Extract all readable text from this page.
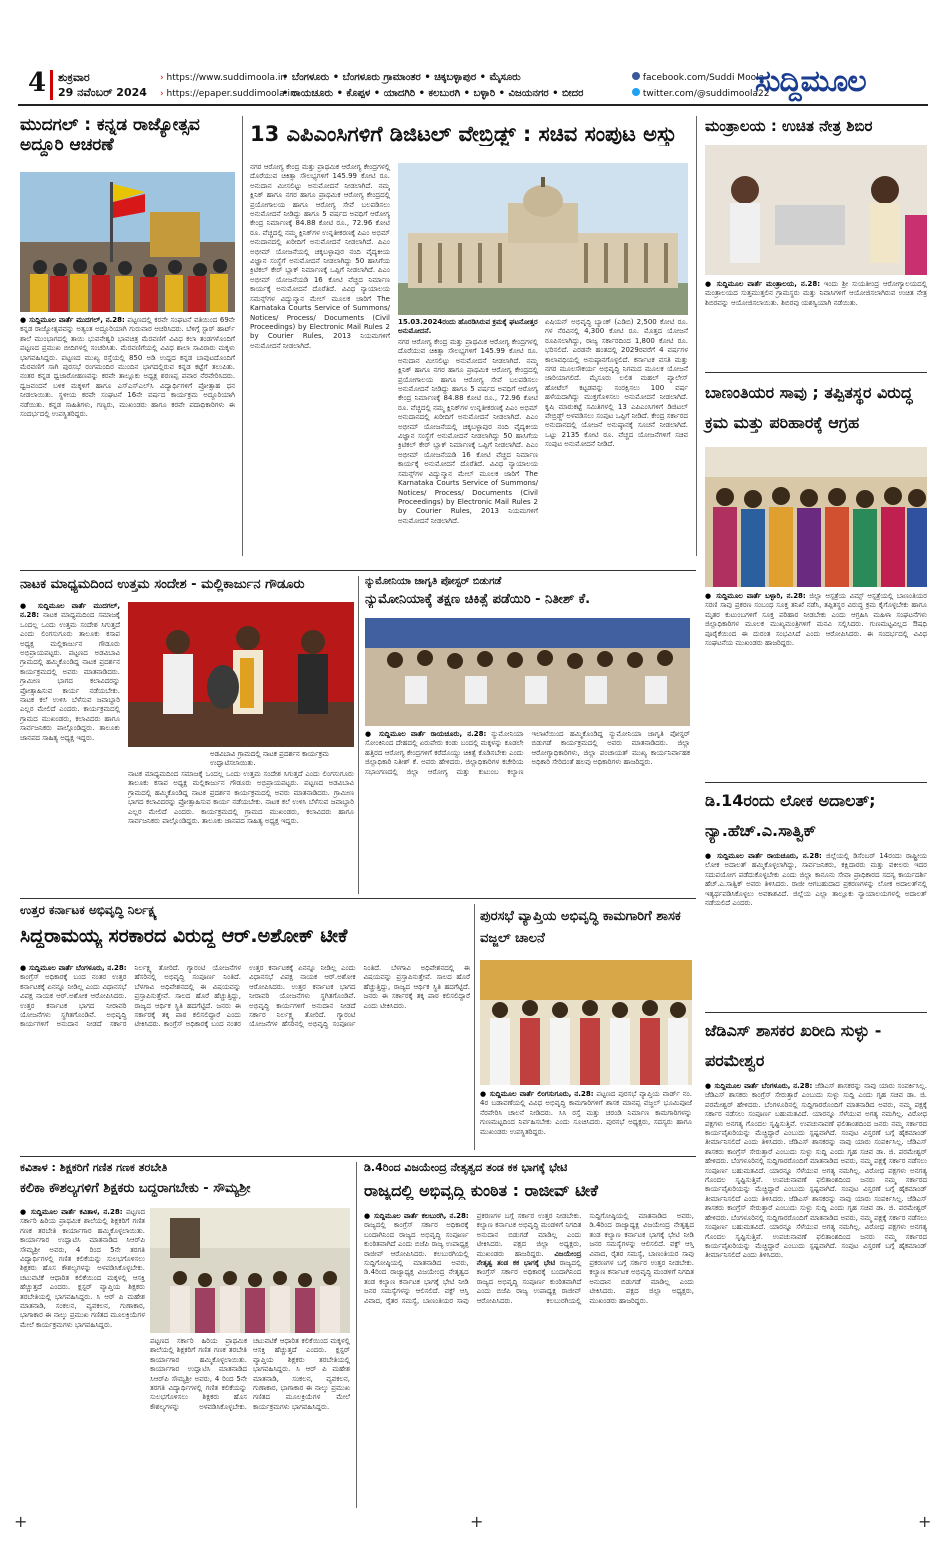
4 ಶುಕ್ರವಾರ
29 ನವೆಂಬರ್ 2024
› https://www.suddimoola.in
› https://epaper.suddimoola.in
• ಬೆಂಗಳೂರು • ಬೆಂಗಳೂರು ಗ್ರಾಮಾಂತರ • ಚಿಕ್ಕಬಳ್ಳಾಪುರ • ಮೈಸೂರು
• ರಾಯಚೂರು • ಕೊಪ್ಪಳ • ಯಾದಗಿರಿ • ಕಲಬುರಗಿ • ಬಳ್ಳಾರಿ • ವಿಜಯನಗರ • ಬೀದರ
facebook.com/Suddi Moola
twitter.com/@suddimoola22
ಸುದ್ದಿಮೂಲ
ಮುದಗಲ್ : ಕನ್ನಡ ರಾಜ್ಯೋತ್ಸವ ಅದ್ದೂರಿ ಆಚರಣೆ
● ಸುದ್ದಿಮೂಲ ವಾರ್ತೆ ಮುದಗಲ್, ನ.28: ಪಟ್ಟಣದಲ್ಲಿ ಕರವೇ ಸಂಘಟನೆ ವತಿಯಿಂದ 69ನೇ ಕನ್ನಡ ರಾಜ್ಯೋತ್ಸವವನ್ನು ಅತ್ಯಂತ ಅದ್ದೂರಿಯಾಗಿ ಗುರುವಾರ ಆಚರಿಸಿದರು. ಬೆಳಿಗ್ಗೆ ಸ್ಟಾರ್ ಹಾರ್ಟ್ ಶಾಲೆ ಮುಂಭಾಗದಲ್ಲಿ ತಾಯಿ ಭುವನೇಶ್ವರಿ ಭಾವಚಿತ್ರ ಮೆರವಣಿಗೆ ವಿವಿಧ ಕಲಾ ತಂಡಗಳೊಂದಿಗೆ ಪಟ್ಟಣದ ಪ್ರಮುಖ ಬೀದಿಗಳಲ್ಲಿ ಸಂಚರಿಸಿತು. ಮೆರವಣಿಗೆಯಲ್ಲಿ ವಿವಿಧ ಶಾಲಾ ಸಾವಿರಾರು ಮಕ್ಕಳು ಭಾಗವಹಿಸಿದ್ದರು. ಪಟ್ಟಣದ ಮುಖ್ಯ ರಸ್ತೆಯಲ್ಲಿ 850 ಅಡಿ ಉದ್ದದ ಕನ್ನಡ ಬಾವುಟದೊಂದಿಗೆ ಮೆರವಣಿಗೆ ಸಾಗಿ ಪುರಸಭೆ ರಂಗಮಂದಿರ ಮುಂದಿನ ಭಾಗದಲ್ಲಿರುವ ಕನ್ನಡ ಕಟ್ಟೆಗೆ ತಲುಪಿತು. ನಂತರ ಕನ್ನಡ ಧ್ವಜಾರೋಹಣವನ್ನು ಕರವೇ ತಾಲ್ಲೂಕು ಅಧ್ಯಕ್ಷ ಶರಣಪ್ಪ ಪವಾರ ನೆರವೇರಿಸಿದರು. ಧ್ವಜವಂದನೆ ಬಳಿಕ ಮಕ್ಕಳಿಗೆ ಹಾಗೂ ಎಸ್‌ಎಸ್‌ಎಲ್‌ಸಿ ವಿದ್ಯಾರ್ಥಿಗಳಿಗೆ ಪ್ರೋತ್ಸಾಹ ಧನ ನೀಡಲಾಯಿತು. ಸ್ಥಳೀಯ ಕರವೇ ಸಂಘಟನೆ 16ನೇ ವರ್ಷದ ಕಾರ್ಯಕ್ರಮ ಅದ್ದೂರಿಯಾಗಿ ನಡೆಯಿತು. ಕನ್ನಡ ಸಾಹಿತಿಗಳು, ಗಣ್ಯರು, ಮುಖಂಡರು ಹಾಗೂ ಕರವೇ ಪದಾಧಿಕಾರಿಗಳು ಈ ಸಂದರ್ಭದಲ್ಲಿ ಉಪಸ್ಥಿತರಿದ್ದರು.
13 ಎಪಿಎಂಸಿಗಳಿಗೆ ಡಿಜಿಟಲ್ ವೇಬ್ರಿಡ್ಜ್ : ಸಚಿವ ಸಂಪುಟ ಅಸ್ತು
ನಗರ ಆರೋಗ್ಯ ಕೇಂದ್ರ ಮತ್ತು ಪ್ರಾಥಮಿಕ ಆರೋಗ್ಯ ಕೇಂದ್ರಗಳಲ್ಲಿ ದೊರೆಯುವ ಚಿಕಿತ್ಸಾ ಸೌಲಭ್ಯಗಳಿಗೆ 145.99 ಕೋಟಿ ರೂ. ಅನುದಾನ ಮೀಸಲಿಟ್ಟು ಅನುಮೋದನೆ ನೀಡಲಾಗಿದೆ. ನಮ್ಮ ಕ್ಲಿನಿಕ್ ಹಾಗೂ ನಗರ ಹಾಗೂ ಪ್ರಾಥಮಿಕ ಆರೋಗ್ಯ ಕೇಂದ್ರದಲ್ಲಿ ಪ್ರಯೋಗಾಲಯ ಹಾಗೂ ಆರೋಗ್ಯ ಸೇವೆ ಬಲಪಡಿಸಲು ಅನುಮೋದನೆ ನೀಡಿದ್ದು ಹಾಗೂ 5 ವರ್ಷದ ಅವಧಿಗೆ ಆರೋಗ್ಯ ಕೇಂದ್ರ ನಿರ್ಮಾಣಕ್ಕೆ 84.88 ಕೋಟಿ ರೂ., 72.96 ಕೋಟಿ ರೂ. ವೆಚ್ಚದಲ್ಲಿ ನಮ್ಮ ಕ್ಲಿನಿಕ್‌ಗಳ ಉನ್ನತೀಕರಣಕ್ಕೆ ಪಿಎಂ ಅಭಿಮ್ ಅನುದಾನದಲ್ಲಿ ಖರೀದಿಗೆ ಅನುಮೋದನೆ ನೀಡಲಾಗಿದೆ. ಪಿಎಂ ಅಭೀಮ್ ಯೋಜನೆಯಲ್ಲಿ ಚಿಕ್ಕಬಳ್ಳಾಪುರ ನಂದಿ ವೈದ್ಯಕೀಯ ವಿಜ್ಞಾನ ಸಂಸ್ಥೆಗೆ ಅನುಮೋದನೆ ನೀಡಲಾಗಿದ್ದು 50 ಹಾಸಿಗೆಯ ಕ್ರಿಟಿಕಲ್ ಕೇರ್ ಬ್ಲಾಕ್ ನಿರ್ಮಾಣಕ್ಕೆ ಒಪ್ಪಿಗೆ ನೀಡಲಾಗಿದೆ. ಪಿಎಂ ಅಭೀಮ್ ಯೋಜನೆಯಡಿ 16 ಕೋಟಿ ವೆಚ್ಚದ ನಿರ್ಮಾಣ ಕಾರ್ಯಕ್ಕೆ ಅನುಮೋದನೆ ದೊರೆತಿದೆ. ವಿವಿಧ ನ್ಯಾಯಾಲಯ ಸಮನ್ಸ್‌ಗಳ ವಿದ್ಯುನ್ಮಾನ ಮೇಲ್ ಮೂಲಕ ಜಾರಿಗೆ The Karnataka Courts Service of Summons/ Notices/ Process/ Documents (Civil Proceedings) by Electronic Mail Rules 2 by Courier Rules, 2013 ನಿಯಮಗಳಿಗೆ ಅನುಮೋದನೆ ನೀಡಲಾಗಿದೆ.
15.03.2024ರಂದು ಹೊರಡಿಸಿರುವ ಕ್ರಮಕ್ಕೆ ಘಟನೋತ್ತರ ಅನುಮೋದನೆ.
ನಗರ ಆರೋಗ್ಯ ಕೇಂದ್ರ ಮತ್ತು ಪ್ರಾಥಮಿಕ ಆರೋಗ್ಯ ಕೇಂದ್ರಗಳಲ್ಲಿ ದೊರೆಯುವ ಚಿಕಿತ್ಸಾ ಸೌಲಭ್ಯಗಳಿಗೆ 145.99 ಕೋಟಿ ರೂ. ಅನುದಾನ ಮೀಸಲಿಟ್ಟು ಅನುಮೋದನೆ ನೀಡಲಾಗಿದೆ. ನಮ್ಮ ಕ್ಲಿನಿಕ್ ಹಾಗೂ ನಗರ ಹಾಗೂ ಪ್ರಾಥಮಿಕ ಆರೋಗ್ಯ ಕೇಂದ್ರದಲ್ಲಿ ಪ್ರಯೋಗಾಲಯ ಹಾಗೂ ಆರೋಗ್ಯ ಸೇವೆ ಬಲಪಡಿಸಲು ಅನುಮೋದನೆ ನೀಡಿದ್ದು ಹಾಗೂ 5 ವರ್ಷದ ಅವಧಿಗೆ ಆರೋಗ್ಯ ಕೇಂದ್ರ ನಿರ್ಮಾಣಕ್ಕೆ 84.88 ಕೋಟಿ ರೂ., 72.96 ಕೋಟಿ ರೂ. ವೆಚ್ಚದಲ್ಲಿ ನಮ್ಮ ಕ್ಲಿನಿಕ್‌ಗಳ ಉನ್ನತೀಕರಣಕ್ಕೆ ಪಿಎಂ ಅಭಿಮ್ ಅನುದಾನದಲ್ಲಿ ಖರೀದಿಗೆ ಅನುಮೋದನೆ ನೀಡಲಾಗಿದೆ. ಪಿಎಂ ಅಭೀಮ್ ಯೋಜನೆಯಲ್ಲಿ ಚಿಕ್ಕಬಳ್ಳಾಪುರ ನಂದಿ ವೈದ್ಯಕೀಯ ವಿಜ್ಞಾನ ಸಂಸ್ಥೆಗೆ ಅನುಮೋದನೆ ನೀಡಲಾಗಿದ್ದು 50 ಹಾಸಿಗೆಯ ಕ್ರಿಟಿಕಲ್ ಕೇರ್ ಬ್ಲಾಕ್ ನಿರ್ಮಾಣಕ್ಕೆ ಒಪ್ಪಿಗೆ ನೀಡಲಾಗಿದೆ. ಪಿಎಂ ಅಭೀಮ್ ಯೋಜನೆಯಡಿ 16 ಕೋಟಿ ವೆಚ್ಚದ ನಿರ್ಮಾಣ ಕಾರ್ಯಕ್ಕೆ ಅನುಮೋದನೆ ದೊರೆತಿದೆ. ವಿವಿಧ ನ್ಯಾಯಾಲಯ ಸಮನ್ಸ್‌ಗಳ ವಿದ್ಯುನ್ಮಾನ ಮೇಲ್ ಮೂಲಕ ಜಾರಿಗೆ The Karnataka Courts Service of Summons/ Notices/ Process/ Documents (Civil Proceedings) by Electronic Mail Rules 2 by Courier Rules, 2013 ನಿಯಮಗಳಿಗೆ ಅನುಮೋದನೆ ನೀಡಲಾಗಿದೆ.
ಏಷಿಯನ್ ಅಭಿವೃದ್ಧಿ ಬ್ಯಾಂಕ್ (ಎಡಿಬಿ) 2,500 ಕೋಟಿ ರೂ. ಗಳ ನೆರವಿನಲ್ಲಿ 4,300 ಕೋಟಿ ರೂ. ಮೊತ್ತದ ಯೋಜನೆ ರೂಪಿಸಲಾಗಿದ್ದು, ರಾಜ್ಯ ಸರ್ಕಾರದಿಂದ 1,800 ಕೋಟಿ ರೂ. ಭರಿಸಲಿದೆ. ಎರಡನೇ ಹಂತದಲ್ಲಿ 2029ರವರೆಗೆ 4 ವರ್ಷಗಳ ಕಾಲಾವಧಿಯಲ್ಲಿ ಅನುಷ್ಠಾನಗೊಳ್ಳಲಿದೆ. ಕರ್ನಾಟಕ ವಸತಿ ಮತ್ತು ನಗರ ಮೂಲಸೌಕರ್ಯ ಅಭಿವೃದ್ಧಿ ನಿಗಮದ ಮೂಲಕ ಯೋಜನೆ ಜಾರಿಯಾಗಲಿದೆ. ಮೈಸೂರು ಲಲಿತ ಮಹಲ್ ಪ್ಯಾಲೇಸ್ ಹೋಟೆಲ್ ಕಟ್ಟಡವನ್ನು ಸಂರಕ್ಷಿಸಲು 100 ವರ್ಷ ಹಳೆಯದಾಗಿದ್ದು ಮುಕ್ತಗೊಳಿಸಲು ಅನುಮೋದನೆ ನೀಡಲಾಗಿದೆ. ಕೃಷಿ ಮಾರುಕಟ್ಟೆ ಸಮಿತಿಗಳಲ್ಲಿ 13 ಎಪಿಎಂಸಿಗಳಿಗೆ ಡಿಜಿಟಲ್ ವೇಬ್ರಿಡ್ಜ್ ಅಳವಡಿಸಲು ಸಂಪುಟ ಒಪ್ಪಿಗೆ ನೀಡಿದೆ. ಕೇಂದ್ರ ಸರ್ಕಾರದ ಅನುದಾನದಲ್ಲಿ ಯೋಜನೆ ಅನುಷ್ಠಾನಕ್ಕೆ ಸೂಚನೆ ನೀಡಲಾಗಿದೆ. ಒಟ್ಟು 2135 ಕೋಟಿ ರೂ. ವೆಚ್ಚದ ಯೋಜನೆಗಳಿಗೆ ಸಚಿವ ಸಂಪುಟ ಅನುಮೋದನೆ ನೀಡಿದೆ.
ಮಂತ್ರಾಲಯ : ಉಚಿತ ನೇತ್ರ ಶಿಬಿರ
● ಸುದ್ದಿಮೂಲ ವಾರ್ತೆ ಮಂತ್ರಾಲಯ, ನ.28: ಇಂದು ಶ್ರೀ ಸುಯತೀಂದ್ರ ಆರೋಗ್ಯಾಲಯದಲ್ಲಿ ಮಂತ್ರಾಲಯದ ಸುತ್ತಮುತ್ತಲಿನ ಗ್ರಾಮಸ್ಥರು ಮತ್ತು ನಿವಾಸಿಗಳಿಗೆ ಆಯೋಜಿಸಲಾಗಿರುವ ಉಚಿತ ನೇತ್ರ ಶಿಬಿರವನ್ನು ಆಯೋಜಿಸಲಾಯಿತು. ಶಿಬಿರವು ಯಶಸ್ವಿಯಾಗಿ ನಡೆಯಿತು.
ಬಾಣಂತಿಯರ ಸಾವು ; ತಪ್ಪಿತಸ್ಥರ ವಿರುದ್ಧ ಕ್ರಮ ಮತ್ತು ಪರಿಹಾರಕ್ಕೆ ಆಗ್ರಹ
● ಸುದ್ದಿಮೂಲ ವಾರ್ತೆ ಬಳ್ಳಾರಿ, ನ.28: ಜಿಲ್ಲಾ ಆಸ್ಪತ್ರೆಯ ವಿಮ್ಸ್ ಆಸ್ಪತ್ರೆಯಲ್ಲಿ ಬಾಣಂತಿಯರ ಸರಣಿ ಸಾವು ಪ್ರಕರಣ ಸಂಬಂಧ ಸೂಕ್ತ ತನಿಖೆ ನಡೆಸಿ, ತಪ್ಪಿತಸ್ಥರ ವಿರುದ್ಧ ಕ್ರಮ ಕೈಗೊಳ್ಳಬೇಕು ಹಾಗೂ ಮೃತರ ಕುಟುಂಬಗಳಿಗೆ ಸೂಕ್ತ ಪರಿಹಾರ ನೀಡಬೇಕು ಎಂದು ಆಗ್ರಹಿಸಿ ಮಹಿಳಾ ಸಂಘಟನೆಗಳು ಜಿಲ್ಲಾಧಿಕಾರಿಗಳ ಮೂಲಕ ಮುಖ್ಯಮಂತ್ರಿಗಳಿಗೆ ಮನವಿ ಸಲ್ಲಿಸಿದರು. ಗುಣಮಟ್ಟವಿಲ್ಲದ ಔಷಧಿ ಪೂರೈಕೆಯಿಂದ ಈ ದುರಂತ ಸಂಭವಿಸಿದೆ ಎಂದು ಆರೋಪಿಸಿದರು. ಈ ಸಂದರ್ಭದಲ್ಲಿ ವಿವಿಧ ಸಂಘಟನೆಯ ಮುಖಂಡರು ಹಾಜರಿದ್ದರು.
ನಾಟಕ ಮಾಧ್ಯಮದಿಂದ ಉತ್ತಮ ಸಂದೇಶ - ಮಲ್ಲಿಕಾರ್ಜುನ ಗೌಡೂರು
● ಸುದ್ದಿಮೂಲ ವಾರ್ತೆ ಮುದಗಲ್, ನ.28: ನಾಟಕ ಮಾಧ್ಯಮದಿಂದ ಸಮಾಜಕ್ಕೆ ಒಂದಲ್ಲ ಒಂದು ಉತ್ತಮ ಸಂದೇಶ ಸಿಗುತ್ತದೆ ಎಂದು ಲಿಂಗಸುಗೂರು ತಾಲೂಕು ಕಸಾಪ ಅಧ್ಯಕ್ಷ ಮಲ್ಲಿಕಾರ್ಜುನ ಗೌಡೂರು ಅಭಿಪ್ರಾಯಪಟ್ಟರು. ಪಟ್ಟಣದ ಅಡವಿಬಾವಿ ಗ್ರಾಮದಲ್ಲಿ ಹಮ್ಮಿಕೊಂಡಿದ್ದ ನಾಟಕ ಪ್ರದರ್ಶನ ಕಾರ್ಯಕ್ರಮದಲ್ಲಿ ಅವರು ಮಾತನಾಡಿದರು. ಗ್ರಾಮೀಣ ಭಾಗದ ಕಲಾವಿದರನ್ನು ಪ್ರೋತ್ಸಾಹಿಸುವ ಕಾರ್ಯ ನಡೆಯಬೇಕು. ನಾಟಕ ಕಲೆ ಉಳಿಸಿ ಬೆಳೆಸುವ ಜವಾಬ್ದಾರಿ ಎಲ್ಲರ ಮೇಲಿದೆ ಎಂದರು. ಕಾರ್ಯಕ್ರಮದಲ್ಲಿ ಗ್ರಾಮದ ಮುಖಂಡರು, ಕಲಾವಿದರು ಹಾಗೂ ಸಾರ್ವಜನಿಕರು ಪಾಲ್ಗೊಂಡಿದ್ದರು. ತಾಲೂಕು ಜಾನಪದ ಸಾಹಿತ್ಯ ಅಧ್ಯಕ್ಷ ಇದ್ದರು.
ಅಡವಿಬಾವಿ ಗ್ರಾಮದಲ್ಲಿ ನಾಟಕ ಪ್ರದರ್ಶನ ಕಾರ್ಯಕ್ರಮ ಉದ್ಘಾಟಿಸಲಾಯಿತು.
ನಾಟಕ ಮಾಧ್ಯಮದಿಂದ ಸಮಾಜಕ್ಕೆ ಒಂದಲ್ಲ ಒಂದು ಉತ್ತಮ ಸಂದೇಶ ಸಿಗುತ್ತದೆ ಎಂದು ಲಿಂಗಸುಗೂರು ತಾಲೂಕು ಕಸಾಪ ಅಧ್ಯಕ್ಷ ಮಲ್ಲಿಕಾರ್ಜುನ ಗೌಡೂರು ಅಭಿಪ್ರಾಯಪಟ್ಟರು. ಪಟ್ಟಣದ ಅಡವಿಬಾವಿ ಗ್ರಾಮದಲ್ಲಿ ಹಮ್ಮಿಕೊಂಡಿದ್ದ ನಾಟಕ ಪ್ರದರ್ಶನ ಕಾರ್ಯಕ್ರಮದಲ್ಲಿ ಅವರು ಮಾತನಾಡಿದರು. ಗ್ರಾಮೀಣ ಭಾಗದ ಕಲಾವಿದರನ್ನು ಪ್ರೋತ್ಸಾಹಿಸುವ ಕಾರ್ಯ ನಡೆಯಬೇಕು. ನಾಟಕ ಕಲೆ ಉಳಿಸಿ ಬೆಳೆಸುವ ಜವಾಬ್ದಾರಿ ಎಲ್ಲರ ಮೇಲಿದೆ ಎಂದರು. ಕಾರ್ಯಕ್ರಮದಲ್ಲಿ ಗ್ರಾಮದ ಮುಖಂಡರು, ಕಲಾವಿದರು ಹಾಗೂ ಸಾರ್ವಜನಿಕರು ಪಾಲ್ಗೊಂಡಿದ್ದರು. ತಾಲೂಕು ಜಾನಪದ ಸಾಹಿತ್ಯ ಅಧ್ಯಕ್ಷ ಇದ್ದರು.
ನ್ಯುಮೋನಿಯಾ ಜಾಗೃತಿ ಪೋಸ್ಟರ್ ಬಿಡುಗಡೆ
ನ್ಯುಮೋನಿಯಾಕ್ಕೆ ತಕ್ಷಣ ಚಿಕಿತ್ಸೆ ಪಡೆಯಿರಿ - ನಿತೀಶ್ ಕೆ.
● ಸುದ್ದಿಮೂಲ ವಾರ್ತೆ ರಾಯಚೂರು, ನ.28: ನ್ಯುಮೋನಿಯಾ ಸೋಂಕಿನಿಂದ ದೇಹದಲ್ಲಿ ಏರುಪೇರು ಕಂಡು ಬಂದಲ್ಲಿ ಮಕ್ಕಳನ್ನು ಕೂಡಲೇ ಹತ್ತಿರದ ಆರೋಗ್ಯ ಕೇಂದ್ರಗಳಿಗೆ ಕರೆದೊಯ್ದು ಚಿಕಿತ್ಸೆ ಕೊಡಿಸಬೇಕು ಎಂದು ಜಿಲ್ಲಾಧಿಕಾರಿ ನಿತೀಶ್ ಕೆ. ಅವರು ಹೇಳಿದರು. ಜಿಲ್ಲಾಧಿಕಾರಿಗಳ ಕಚೇರಿಯ ಸಭಾಂಗಣದಲ್ಲಿ ಜಿಲ್ಲಾ ಆರೋಗ್ಯ ಮತ್ತು ಕುಟುಂಬ ಕಲ್ಯಾಣ ಇಲಾಖೆಯಿಂದ ಹಮ್ಮಿಕೊಂಡಿದ್ದ ನ್ಯುಮೋನಿಯಾ ಜಾಗೃತಿ ಪೋಸ್ಟರ್ ಬಿಡುಗಡೆ ಕಾರ್ಯಕ್ರಮದಲ್ಲಿ ಅವರು ಮಾತನಾಡಿದರು. ಜಿಲ್ಲಾ ಆರೋಗ್ಯಾಧಿಕಾರಿಗಳು, ಜಿಲ್ಲಾ ಪಂಚಾಯತ್ ಮುಖ್ಯ ಕಾರ್ಯನಿರ್ವಾಹಕ ಅಧಿಕಾರಿ ಸೇರಿದಂತೆ ಹಲವು ಅಧಿಕಾರಿಗಳು ಹಾಜರಿದ್ದರು.
ಡಿ.14ರಂದು ಲೋಕ ಅದಾಲತ್; ನ್ಯಾ.ಹೆಚ್.ಎ.ಸಾತ್ವಿಕ್
● ಸುದ್ದಿಮೂಲ ವಾರ್ತೆ ರಾಯಚೂರು, ನ.28: ಜಿಲ್ಲೆಯಲ್ಲಿ ಡಿಸೆಂಬರ್ 14ರಂದು ರಾಷ್ಟ್ರೀಯ ಲೋಕ ಅದಾಲತ್ ಹಮ್ಮಿಕೊಳ್ಳಲಾಗಿದ್ದು, ಸಾರ್ವಜನಿಕರು, ಕಕ್ಷಿದಾರರು ಮತ್ತು ವಕೀಲರು ಇದರ ಸದುಪಯೋಗ ಪಡೆದುಕೊಳ್ಳಬೇಕು ಎಂದು ಜಿಲ್ಲಾ ಕಾನೂನು ಸೇವಾ ಪ್ರಾಧಿಕಾರದ ಸದಸ್ಯ ಕಾರ್ಯದರ್ಶಿ ಹೆಚ್.ಎ.ಸಾತ್ವಿಕ್ ಅವರು ತಿಳಿಸಿದರು. ರಾಜೀ ಆಗಬಹುದಾದ ಪ್ರಕರಣಗಳನ್ನು ಲೋಕ ಅದಾಲತ್‌ನಲ್ಲಿ ಇತ್ಯರ್ಥಪಡಿಸಿಕೊಳ್ಳಲು ಅವಕಾಶವಿದೆ. ಜಿಲ್ಲೆಯ ಎಲ್ಲಾ ತಾಲ್ಲೂಕು ನ್ಯಾಯಾಲಯಗಳಲ್ಲಿ ಅದಾಲತ್ ನಡೆಯಲಿದೆ ಎಂದರು.
ಜೆಡಿಎಸ್ ಶಾಸಕರ ಖರೀದಿ ಸುಳ್ಳು - ಪರಮೇಶ್ವರ
● ಸುದ್ದಿಮೂಲ ವಾರ್ತೆ ಬೆಂಗಳೂರು, ನ.28: ಜೆಡಿಎಸ್ ಶಾಸಕರನ್ನು ನಾವು ಯಾರು ಸಂಪರ್ಕಿಸಿಲ್ಲ. ಜೆಡಿಎಸ್ ಶಾಸಕರು ಕಾಂಗ್ರೆಸ್ ಸೇರುತ್ತಾರೆ ಎಂಬುದು ಸುಳ್ಳು ಸುದ್ದಿ ಎಂದು ಗೃಹ ಸಚಿವ ಡಾ. ಜಿ. ಪರಮೇಶ್ವರ್ ಹೇಳಿದರು. ಬೆಂಗಳೂರಿನಲ್ಲಿ ಸುದ್ದಿಗಾರರೊಂದಿಗೆ ಮಾತನಾಡಿದ ಅವರು, ನಮ್ಮ ಪಕ್ಷಕ್ಕೆ ಸರ್ಕಾರ ನಡೆಸಲು ಸಂಪೂರ್ಣ ಬಹುಮತವಿದೆ. ಯಾರನ್ನೂ ಸೆಳೆಯುವ ಅಗತ್ಯ ನಮಗಿಲ್ಲ. ವಿರೋಧ ಪಕ್ಷಗಳು ಅನಗತ್ಯ ಗೊಂದಲ ಸೃಷ್ಟಿಸುತ್ತಿವೆ. ಉಪಚುನಾವಣೆ ಫಲಿತಾಂಶದಿಂದ ಜನರು ನಮ್ಮ ಸರ್ಕಾರದ ಕಾರ್ಯವೈಖರಿಯನ್ನು ಮೆಚ್ಚಿದ್ದಾರೆ ಎಂಬುದು ಸ್ಪಷ್ಟವಾಗಿದೆ. ಸಂಪುಟ ವಿಸ್ತರಣೆ ಬಗ್ಗೆ ಹೈಕಮಾಂಡ್ ತೀರ್ಮಾನಿಸಲಿದೆ ಎಂದು ತಿಳಿಸಿದರು. ಜೆಡಿಎಸ್ ಶಾಸಕರನ್ನು ನಾವು ಯಾರು ಸಂಪರ್ಕಿಸಿಲ್ಲ. ಜೆಡಿಎಸ್ ಶಾಸಕರು ಕಾಂಗ್ರೆಸ್ ಸೇರುತ್ತಾರೆ ಎಂಬುದು ಸುಳ್ಳು ಸುದ್ದಿ ಎಂದು ಗೃಹ ಸಚಿವ ಡಾ. ಜಿ. ಪರಮೇಶ್ವರ್ ಹೇಳಿದರು. ಬೆಂಗಳೂರಿನಲ್ಲಿ ಸುದ್ದಿಗಾರರೊಂದಿಗೆ ಮಾತನಾಡಿದ ಅವರು, ನಮ್ಮ ಪಕ್ಷಕ್ಕೆ ಸರ್ಕಾರ ನಡೆಸಲು ಸಂಪೂರ್ಣ ಬಹುಮತವಿದೆ. ಯಾರನ್ನೂ ಸೆಳೆಯುವ ಅಗತ್ಯ ನಮಗಿಲ್ಲ. ವಿರೋಧ ಪಕ್ಷಗಳು ಅನಗತ್ಯ ಗೊಂದಲ ಸೃಷ್ಟಿಸುತ್ತಿವೆ. ಉಪಚುನಾವಣೆ ಫಲಿತಾಂಶದಿಂದ ಜನರು ನಮ್ಮ ಸರ್ಕಾರದ ಕಾರ್ಯವೈಖರಿಯನ್ನು ಮೆಚ್ಚಿದ್ದಾರೆ ಎಂಬುದು ಸ್ಪಷ್ಟವಾಗಿದೆ. ಸಂಪುಟ ವಿಸ್ತರಣೆ ಬಗ್ಗೆ ಹೈಕಮಾಂಡ್ ತೀರ್ಮಾನಿಸಲಿದೆ ಎಂದು ತಿಳಿಸಿದರು. ಜೆಡಿಎಸ್ ಶಾಸಕರನ್ನು ನಾವು ಯಾರು ಸಂಪರ್ಕಿಸಿಲ್ಲ. ಜೆಡಿಎಸ್ ಶಾಸಕರು ಕಾಂಗ್ರೆಸ್ ಸೇರುತ್ತಾರೆ ಎಂಬುದು ಸುಳ್ಳು ಸುದ್ದಿ ಎಂದು ಗೃಹ ಸಚಿವ ಡಾ. ಜಿ. ಪರಮೇಶ್ವರ್ ಹೇಳಿದರು. ಬೆಂಗಳೂರಿನಲ್ಲಿ ಸುದ್ದಿಗಾರರೊಂದಿಗೆ ಮಾತನಾಡಿದ ಅವರು, ನಮ್ಮ ಪಕ್ಷಕ್ಕೆ ಸರ್ಕಾರ ನಡೆಸಲು ಸಂಪೂರ್ಣ ಬಹುಮತವಿದೆ. ಯಾರನ್ನೂ ಸೆಳೆಯುವ ಅಗತ್ಯ ನಮಗಿಲ್ಲ. ವಿರೋಧ ಪಕ್ಷಗಳು ಅನಗತ್ಯ ಗೊಂದಲ ಸೃಷ್ಟಿಸುತ್ತಿವೆ. ಉಪಚುನಾವಣೆ ಫಲಿತಾಂಶದಿಂದ ಜನರು ನಮ್ಮ ಸರ್ಕಾರದ ಕಾರ್ಯವೈಖರಿಯನ್ನು ಮೆಚ್ಚಿದ್ದಾರೆ ಎಂಬುದು ಸ್ಪಷ್ಟವಾಗಿದೆ. ಸಂಪುಟ ವಿಸ್ತರಣೆ ಬಗ್ಗೆ ಹೈಕಮಾಂಡ್ ತೀರ್ಮಾನಿಸಲಿದೆ ಎಂದು ತಿಳಿಸಿದರು.
ಉತ್ತರ ಕರ್ನಾಟಕ ಅಭಿವೃದ್ಧಿ ನಿರ್ಲಕ್ಷ್ಯ
ಸಿದ್ದರಾಮಯ್ಯ ಸರಕಾರದ ವಿರುದ್ಧ ಆರ್.ಅಶೋಕ್ ಟೀಕೆ
● ಸುದ್ದಿಮೂಲ ವಾರ್ತೆ ಬೆಂಗಳೂರು, ನ.28: ಕಾಂಗ್ರೆಸ್ ಅಧಿಕಾರಕ್ಕೆ ಬಂದ ನಂತರ ಉತ್ತರ ಕರ್ನಾಟಕಕ್ಕೆ ಏನನ್ನೂ ನೀಡಿಲ್ಲ ಎಂದು ವಿಧಾನಸಭೆ ವಿಪಕ್ಷ ನಾಯಕ ಆರ್.ಅಶೋಕ ಆರೋಪಿಸಿದರು. ಉತ್ತರ ಕರ್ನಾಟಕ ಭಾಗದ ನೀರಾವರಿ ಯೋಜನೆಗಳು ಸ್ಥಗಿತಗೊಂಡಿವೆ. ಅಭಿವೃದ್ಧಿ ಕಾರ್ಯಗಳಿಗೆ ಅನುದಾನ ನೀಡದೆ ಸರ್ಕಾರ ನಿರ್ಲಕ್ಷ್ಯ ತೋರಿದೆ. ಗ್ಯಾರಂಟಿ ಯೋಜನೆಗಳ ಹೆಸರಿನಲ್ಲಿ ಅಭಿವೃದ್ಧಿ ಸಂಪೂರ್ಣ ನಿಂತಿದೆ. ಬೆಳಗಾವಿ ಅಧಿವೇಶನದಲ್ಲಿ ಈ ವಿಷಯವನ್ನು ಪ್ರಸ್ತಾಪಿಸುತ್ತೇವೆ. ಸಾಲದ ಹೊರೆ ಹೆಚ್ಚುತ್ತಿದ್ದು, ರಾಜ್ಯದ ಆರ್ಥಿಕ ಸ್ಥಿತಿ ಹದಗೆಟ್ಟಿದೆ. ಜನರು ಈ ಸರ್ಕಾರಕ್ಕೆ ತಕ್ಕ ಪಾಠ ಕಲಿಸಲಿದ್ದಾರೆ ಎಂದು ಟೀಕಿಸಿದರು. ಕಾಂಗ್ರೆಸ್ ಅಧಿಕಾರಕ್ಕೆ ಬಂದ ನಂತರ ಉತ್ತರ ಕರ್ನಾಟಕಕ್ಕೆ ಏನನ್ನೂ ನೀಡಿಲ್ಲ ಎಂದು ವಿಧಾನಸಭೆ ವಿಪಕ್ಷ ನಾಯಕ ಆರ್.ಅಶೋಕ ಆರೋಪಿಸಿದರು. ಉತ್ತರ ಕರ್ನಾಟಕ ಭಾಗದ ನೀರಾವರಿ ಯೋಜನೆಗಳು ಸ್ಥಗಿತಗೊಂಡಿವೆ. ಅಭಿವೃದ್ಧಿ ಕಾರ್ಯಗಳಿಗೆ ಅನುದಾನ ನೀಡದೆ ಸರ್ಕಾರ ನಿರ್ಲಕ್ಷ್ಯ ತೋರಿದೆ. ಗ್ಯಾರಂಟಿ ಯೋಜನೆಗಳ ಹೆಸರಿನಲ್ಲಿ ಅಭಿವೃದ್ಧಿ ಸಂಪೂರ್ಣ ನಿಂತಿದೆ. ಬೆಳಗಾವಿ ಅಧಿವೇಶನದಲ್ಲಿ ಈ ವಿಷಯವನ್ನು ಪ್ರಸ್ತಾಪಿಸುತ್ತೇವೆ. ಸಾಲದ ಹೊರೆ ಹೆಚ್ಚುತ್ತಿದ್ದು, ರಾಜ್ಯದ ಆರ್ಥಿಕ ಸ್ಥಿತಿ ಹದಗೆಟ್ಟಿದೆ. ಜನರು ಈ ಸರ್ಕಾರಕ್ಕೆ ತಕ್ಕ ಪಾಠ ಕಲಿಸಲಿದ್ದಾರೆ ಎಂದು ಟೀಕಿಸಿದರು.
ಪುರಸಭೆ ವ್ಯಾಪ್ತಿಯ ಅಭಿವೃದ್ಧಿ ಕಾಮಗಾರಿಗೆ ಶಾಸಕ ವಜ್ಜಲ್ ಚಾಲನೆ
● ಸುದ್ದಿಮೂಲ ವಾರ್ತೆ ಲಿಂಗಸುಗೂರು, ನ.28: ಪಟ್ಟಣದ ಪುರಸಭೆ ವ್ಯಾಪ್ತಿಯ ವಾರ್ಡ್ ನಂ. 4ರ ಬಡಾವಣೆಯಲ್ಲಿ ವಿವಿಧ ಅಭಿವೃದ್ಧಿ ಕಾಮಗಾರಿಗಳಿಗೆ ಶಾಸಕ ಮಾನಪ್ಪ ವಜ್ಜಲ್ ಭೂಮಿಪೂಜೆ ನೆರವೇರಿಸಿ ಚಾಲನೆ ನೀಡಿದರು. ಸಿಸಿ ರಸ್ತೆ ಮತ್ತು ಚರಂಡಿ ನಿರ್ಮಾಣ ಕಾಮಗಾರಿಗಳನ್ನು ಗುಣಮಟ್ಟದಿಂದ ನಿರ್ವಹಿಸಬೇಕು ಎಂದು ಸೂಚಿಸಿದರು. ಪುರಸಭೆ ಅಧ್ಯಕ್ಷರು, ಸದಸ್ಯರು ಹಾಗೂ ಮುಖಂಡರು ಉಪಸ್ಥಿತರಿದ್ದರು.
ಕವಿತಾಳ : ಶಿಕ್ಷಕರಿಗೆ ಗಣಿತ ಗಣಕ ತರಬೇತಿ
ಕಲಿಕಾ ಕೌಶಲ್ಯಗಳಿಗೆ ಶಿಕ್ಷಕರು ಬದ್ಧರಾಗಬೇಕು - ಸೌಮ್ಯಶ್ರೀ
● ಸುದ್ದಿಮೂಲ ವಾರ್ತೆ ಕವಿತಾಳ, ನ.28: ಪಟ್ಟಣದ ಸರ್ಕಾರಿ ಹಿರಿಯ ಪ್ರಾಥಮಿಕ ಶಾಲೆಯಲ್ಲಿ ಶಿಕ್ಷಕರಿಗೆ ಗಣಿತ ಗಣಕ ತರಬೇತಿ ಕಾರ್ಯಾಗಾರ ಹಮ್ಮಿಕೊಳ್ಳಲಾಯಿತು. ಕಾರ್ಯಾಗಾರ ಉದ್ಘಾಟಿಸಿ ಮಾತನಾಡಿದ ಸಿಆರ್‌ಪಿ ಸೌಮ್ಯಶ್ರೀ ಅವರು, 4 ರಿಂದ 5ನೇ ತರಗತಿ ವಿದ್ಯಾರ್ಥಿಗಳಲ್ಲಿ ಗಣಿತ ಕಲಿಕೆಯನ್ನು ಸುಲಭಗೊಳಿಸಲು ಶಿಕ್ಷಕರು ಹೊಸ ಕೌಶಲ್ಯಗಳನ್ನು ಅಳವಡಿಸಿಕೊಳ್ಳಬೇಕು. ಚಟುವಟಿಕೆ ಆಧಾರಿತ ಕಲಿಕೆಯಿಂದ ಮಕ್ಕಳಲ್ಲಿ ಆಸಕ್ತಿ ಹೆಚ್ಚುತ್ತದೆ ಎಂದರು. ಕ್ಲಸ್ಟರ್ ವ್ಯಾಪ್ತಿಯ ಶಿಕ್ಷಕರು ತರಬೇತಿಯಲ್ಲಿ ಭಾಗವಹಿಸಿದ್ದರು. ಸಿ ಆರ್ ಪಿ ಮಹೇಶ ಮಾತನಾಡಿ, ಸಂಕಲನ, ವ್ಯವಕಲನ, ಗುಣಾಕಾರ, ಭಾಗಾಕಾರ ಈ ನಾಲ್ಕು ಪ್ರಮುಖ ಗಣಿತದ ಮೂಲಕ್ರಿಯೆಗಳ ಮೇಲೆ ಕಾರ್ಯಕ್ರಮಗಳು ಭಾಗವಹಿಸಿದ್ದರು.
ಪಟ್ಟಣದ ಸರ್ಕಾರಿ ಹಿರಿಯ ಪ್ರಾಥಮಿಕ ಶಾಲೆಯಲ್ಲಿ ಶಿಕ್ಷಕರಿಗೆ ಗಣಿತ ಗಣಕ ತರಬೇತಿ ಕಾರ್ಯಾಗಾರ ಹಮ್ಮಿಕೊಳ್ಳಲಾಯಿತು. ಕಾರ್ಯಾಗಾರ ಉದ್ಘಾಟಿಸಿ ಮಾತನಾಡಿದ ಸಿಆರ್‌ಪಿ ಸೌಮ್ಯಶ್ರೀ ಅವರು, 4 ರಿಂದ 5ನೇ ತರಗತಿ ವಿದ್ಯಾರ್ಥಿಗಳಲ್ಲಿ ಗಣಿತ ಕಲಿಕೆಯನ್ನು ಸುಲಭಗೊಳಿಸಲು ಶಿಕ್ಷಕರು ಹೊಸ ಕೌಶಲ್ಯಗಳನ್ನು ಅಳವಡಿಸಿಕೊಳ್ಳಬೇಕು. ಚಟುವಟಿಕೆ ಆಧಾರಿತ ಕಲಿಕೆಯಿಂದ ಮಕ್ಕಳಲ್ಲಿ ಆಸಕ್ತಿ ಹೆಚ್ಚುತ್ತದೆ ಎಂದರು. ಕ್ಲಸ್ಟರ್ ವ್ಯಾಪ್ತಿಯ ಶಿಕ್ಷಕರು ತರಬೇತಿಯಲ್ಲಿ ಭಾಗವಹಿಸಿದ್ದರು. ಸಿ ಆರ್ ಪಿ ಮಹೇಶ ಮಾತನಾಡಿ, ಸಂಕಲನ, ವ್ಯವಕಲನ, ಗುಣಾಕಾರ, ಭಾಗಾಕಾರ ಈ ನಾಲ್ಕು ಪ್ರಮುಖ ಗಣಿತದ ಮೂಲಕ್ರಿಯೆಗಳ ಮೇಲೆ ಕಾರ್ಯಕ್ರಮಗಳು ಭಾಗವಹಿಸಿದ್ದರು.
ಡಿ.4ರಿಂದ ವಿಜಯೇಂದ್ರ ನೇತೃತ್ವದ ತಂಡ ಕಕ ಭಾಗಕ್ಕೆ ಭೇಟಿ
ರಾಜ್ಯದಲ್ಲಿ ಅಭಿವೃದ್ಧಿ ಕುಂಠಿತ : ರಾಜೀವ್ ಟೀಕೆ
● ಸುದ್ದಿಮೂಲ ವಾರ್ತೆ ಕಲಬುರಗಿ, ನ.28: ರಾಜ್ಯದಲ್ಲಿ ಕಾಂಗ್ರೆಸ್ ಸರ್ಕಾರ ಅಧಿಕಾರಕ್ಕೆ ಬಂದಾಗಿನಿಂದ ರಾಜ್ಯದ ಅಭಿವೃದ್ಧಿ ಸಂಪೂರ್ಣ ಕುಂಠಿತವಾಗಿದೆ ಎಂದು ಬಿಜೆಪಿ ರಾಜ್ಯ ಉಪಾಧ್ಯಕ್ಷ ರಾಜೀವ್ ಆರೋಪಿಸಿದರು. ಕಲಬುರಗಿಯಲ್ಲಿ ಸುದ್ದಿಗೋಷ್ಠಿಯಲ್ಲಿ ಮಾತನಾಡಿದ ಅವರು, ಡಿ.4ರಿಂದ ರಾಜ್ಯಾಧ್ಯಕ್ಷ ವಿಜಯೇಂದ್ರ ನೇತೃತ್ವದ ತಂಡ ಕಲ್ಯಾಣ ಕರ್ನಾಟಕ ಭಾಗಕ್ಕೆ ಭೇಟಿ ನೀಡಿ ಜನರ ಸಮಸ್ಯೆಗಳನ್ನು ಆಲಿಸಲಿದೆ. ವಕ್ಫ್ ಆಸ್ತಿ ವಿವಾದ, ರೈತರ ಸಮಸ್ಯೆ, ಬಾಣಂತಿಯರ ಸಾವು ಪ್ರಕರಣಗಳ ಬಗ್ಗೆ ಸರ್ಕಾರ ಉತ್ತರ ನೀಡಬೇಕು. ಕಲ್ಯಾಣ ಕರ್ನಾಟಕ ಅಭಿವೃದ್ಧಿ ಮಂಡಳಿಗೆ ನಿಗದಿತ ಅನುದಾನ ಬಿಡುಗಡೆ ಮಾಡಿಲ್ಲ ಎಂದು ಟೀಕಿಸಿದರು. ಪಕ್ಷದ ಜಿಲ್ಲಾ ಅಧ್ಯಕ್ಷರು, ಮುಖಂಡರು ಹಾಜರಿದ್ದರು. ವಿಜಯೇಂದ್ರ ನೇತೃತ್ವ ತಂಡ ಕಕ ಭಾಗಕ್ಕೆ ಭೇಟಿ ರಾಜ್ಯದಲ್ಲಿ ಕಾಂಗ್ರೆಸ್ ಸರ್ಕಾರ ಅಧಿಕಾರಕ್ಕೆ ಬಂದಾಗಿನಿಂದ ರಾಜ್ಯದ ಅಭಿವೃದ್ಧಿ ಸಂಪೂರ್ಣ ಕುಂಠಿತವಾಗಿದೆ ಎಂದು ಬಿಜೆಪಿ ರಾಜ್ಯ ಉಪಾಧ್ಯಕ್ಷ ರಾಜೀವ್ ಆರೋಪಿಸಿದರು. ಕಲಬುರಗಿಯಲ್ಲಿ ಸುದ್ದಿಗೋಷ್ಠಿಯಲ್ಲಿ ಮಾತನಾಡಿದ ಅವರು, ಡಿ.4ರಿಂದ ರಾಜ್ಯಾಧ್ಯಕ್ಷ ವಿಜಯೇಂದ್ರ ನೇತೃತ್ವದ ತಂಡ ಕಲ್ಯಾಣ ಕರ್ನಾಟಕ ಭಾಗಕ್ಕೆ ಭೇಟಿ ನೀಡಿ ಜನರ ಸಮಸ್ಯೆಗಳನ್ನು ಆಲಿಸಲಿದೆ. ವಕ್ಫ್ ಆಸ್ತಿ ವಿವಾದ, ರೈತರ ಸಮಸ್ಯೆ, ಬಾಣಂತಿಯರ ಸಾವು ಪ್ರಕರಣಗಳ ಬಗ್ಗೆ ಸರ್ಕಾರ ಉತ್ತರ ನೀಡಬೇಕು. ಕಲ್ಯಾಣ ಕರ್ನಾಟಕ ಅಭಿವೃದ್ಧಿ ಮಂಡಳಿಗೆ ನಿಗದಿತ ಅನುದಾನ ಬಿಡುಗಡೆ ಮಾಡಿಲ್ಲ ಎಂದು ಟೀಕಿಸಿದರು. ಪಕ್ಷದ ಜಿಲ್ಲಾ ಅಧ್ಯಕ್ಷರು, ಮುಖಂಡರು ಹಾಜರಿದ್ದರು.
+	+	+
